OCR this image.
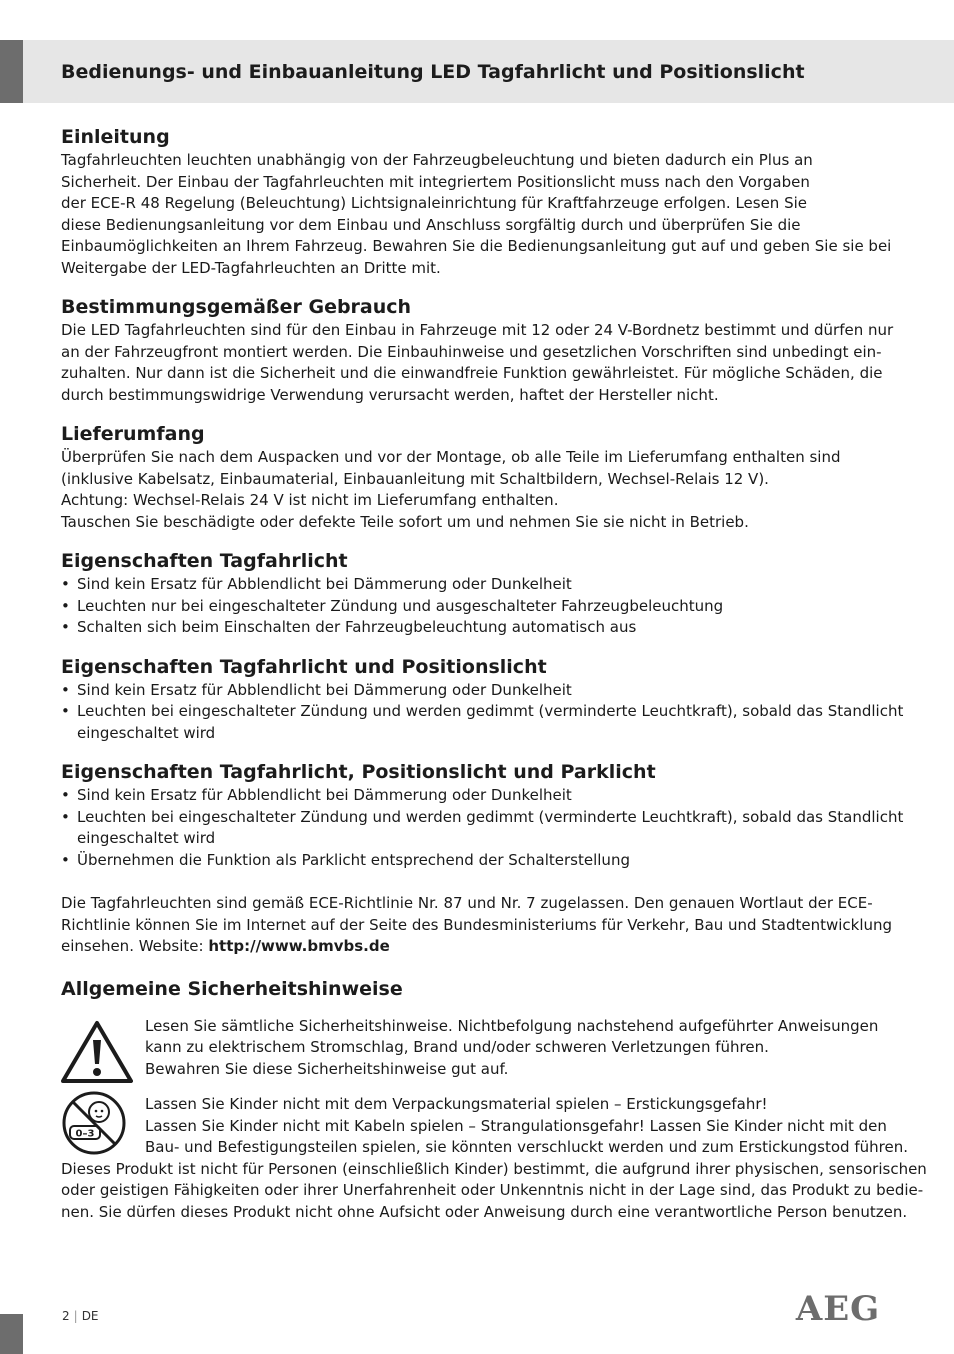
Bedienungs- und Einbauanleitung LED Tagfahrlicht und Positionslicht
Einleitung

Tagfahrleuchten leuchten unabhängig von der Fahrzeugbeleuchtung und bieten dadurch ein Plus an

Sicherheit. Der Einbau der Tagfahrleuchten mit integriertem Positionslicht muss nach den Vorgaben

der ECE-R 48 Regelung (Beleuchtung) Lichtsignaleinrichtung für Kraftfahrzeuge erfolgen. Lesen Sie

diese Bedienungsanleitung vor dem Einbau und Anschluss sorgfältig durch und überprüfen Sie die

Einbaumöglichkeiten an Ihrem Fahrzeug. Bewahren Sie die Bedienungsanleitung gut auf und geben Sie sie bei

Weitergabe der LED-Tagfahrleuchten an Dritte mit.

Bestimmungsgemäßer Gebrauch

Die LED Tagfahrleuchten sind für den Einbau in Fahrzeuge mit 12 oder 24 V-Bordnetz bestimmt und dürfen nur

an der Fahrzeugfront montiert werden. Die Einbauhinweise und gesetzlichen Vorschriften sind unbedingt ein-

zuhalten. Nur dann ist die Sicherheit und die einwandfreie Funktion gewährleistet. Für mögliche Schäden, die

durch bestimmungswidrige Verwendung verursacht werden, haftet der Hersteller nicht.

Lieferumfang

Überprüfen Sie nach dem Auspacken und vor der Montage, ob alle Teile im Lieferumfang enthalten sind

(inklusive Kabelsatz, Einbaumaterial, Einbauanleitung mit Schaltbildern, Wechsel-Relais 12 V).

Achtung: Wechsel-Relais 24 V ist nicht im Lieferumfang enthalten.

Tauschen Sie beschädigte oder defekte Teile sofort um und nehmen Sie sie nicht in Betrieb.

Eigenschaften Tagfahrlicht
• Sind kein Ersatz für Abblendlicht bei Dämmerung oder Dunkelheit
• Leuchten nur bei eingeschalteter Zündung und ausgeschalteter Fahrzeugbeleuchtung
• Schalten sich beim Einschalten der Fahrzeugbeleuchtung automatisch aus
Eigenschaften Tagfahrlicht und Positionslicht
• Sind kein Ersatz für Abblendlicht bei Dämmerung oder Dunkelheit
• Leuchten bei eingeschalteter Zündung und werden gedimmt (verminderte Leuchtkraft), sobald das Standlicht
eingeschaltet wird
Eigenschaften Tagfahrlicht, Positionslicht und Parklicht
• Sind kein Ersatz für Abblendlicht bei Dämmerung oder Dunkelheit
• Leuchten bei eingeschalteter Zündung und werden gedimmt (verminderte Leuchtkraft), sobald das Standlicht
eingeschaltet wird
• Übernehmen die Funktion als Parklicht entsprechend der Schalterstellung

Die Tagfahrleuchten sind gemäß ECE-Richtlinie Nr. 87 und Nr. 7 zugelassen. Den genauen Wortlaut der ECE-

Richtlinie können Sie im Internet auf der Seite des Bundesministeriums für Verkehr, Bau und Stadtentwicklung

einsehen. Website: http://www.bmvbs.de

Allgemeine Sicherheitshinweise

Lesen Sie sämtliche Sicherheitshinweise. Nichtbefolgung nachstehend aufgeführter Anweisungen

kann zu elektrischem Stromschlag, Brand und/oder schweren Verletzungen führen.

Bewahren Sie diese Sicherheitshinweise gut auf.

0–3

Lassen Sie Kinder nicht mit dem Verpackungsmaterial spielen – Erstickungsgefahr!

Lassen Sie Kinder nicht mit Kabeln spielen – Strangulationsgefahr! Lassen Sie Kinder nicht mit den

Bau- und Befestigungsteilen spielen, sie könnten verschluckt werden und zum Erstickungstod führen.

Dieses Produkt ist nicht für Personen (einschließlich Kinder) bestimmt, die aufgrund ihrer physischen, sensorischen

oder geistigen Fähigkeiten oder ihrer Unerfahrenheit oder Unkenntnis nicht in der Lage sind, das Produkt zu bedie-

nen. Sie dürfen dieses Produkt nicht ohne Aufsicht oder Anweisung durch eine verantwortliche Person benutzen.

2 | DE	AEG
